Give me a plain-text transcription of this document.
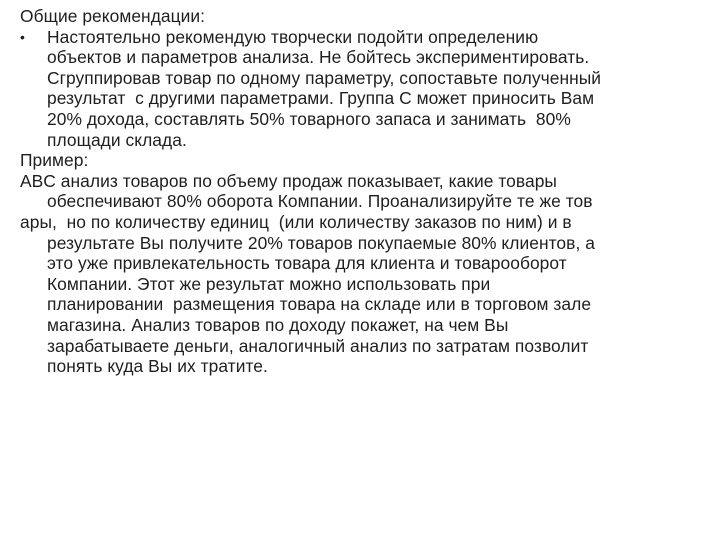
Общие рекомендации:
•	Настоятельно рекомендую творчески подойти определению
объектов и параметров анализа. Не бойтесь экспериментировать.
Сгруппировав товар по одному параметру, сопоставьте полученный
результат  с другими параметрами. Группа С может приносить Вам
20% дохода, составлять 50% товарного запаса и занимать  80%
площади склада.
Пример:
ABC анализ товаров по объему продаж показывает, какие товары
обеспечивают 80% оборота Компании. Проанализируйте те же тов
ары,  но по количеству единиц  (или количеству заказов по ним) и в
результате Вы получите 20% товаров покупаемые 80% клиентов, а
это уже привлекательность товара для клиента и товарооборот
Компании. Этот же результат можно использовать при
планировании  размещения товара на складе или в торговом зале
магазина. Анализ товаров по доходу покажет, на чем Вы
зарабатываете деньги, аналогичный анализ по затратам позволит
понять куда Вы их тратите.
